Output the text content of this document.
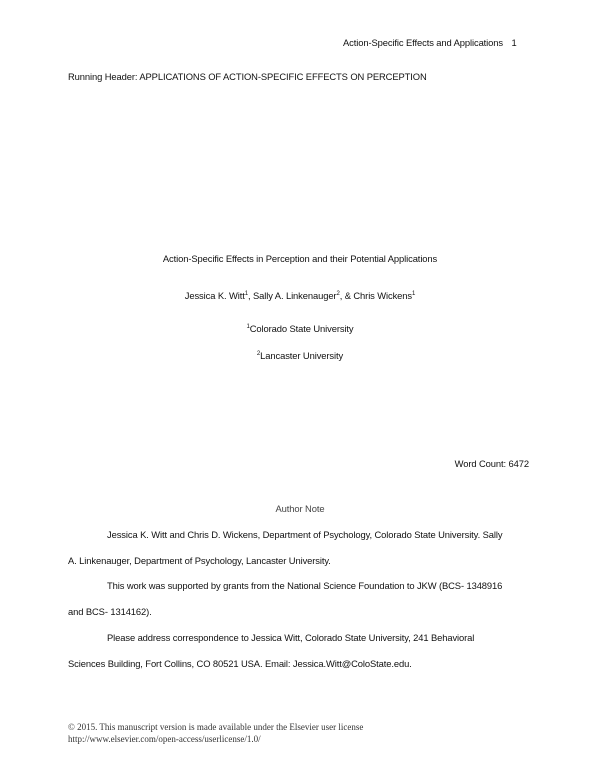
Action-Specific Effects and Applications 1
Running Header: APPLICATIONS OF ACTION-SPECIFIC EFFECTS ON PERCEPTION
Action-Specific Effects in Perception and their Potential Applications
Jessica K. Witt$^1$, Sally A. Linkenauger$^2$, & Chris Wickens$^1$
$^1$Colorado State University
$^2$Lancaster University
Word Count: 6472
Author Note
Jessica K. Witt and Chris D. Wickens, Department of Psychology, Colorado State University. Sally
A. Linkenauger, Department of Psychology, Lancaster University.
This work was supported by grants from the National Science Foundation to JKW (BCS- 1348916
and BCS- 1314162).
Please address correspondence to Jessica Witt, Colorado State University, 241 Behavioral
Sciences Building, Fort Collins, CO 80521 USA. Email: Jessica.Witt@ColoState.edu.
© 2015. This manuscript version is made available under the Elsevier user license
http://www.elsevier.com/open-access/userlicense/1.0/
